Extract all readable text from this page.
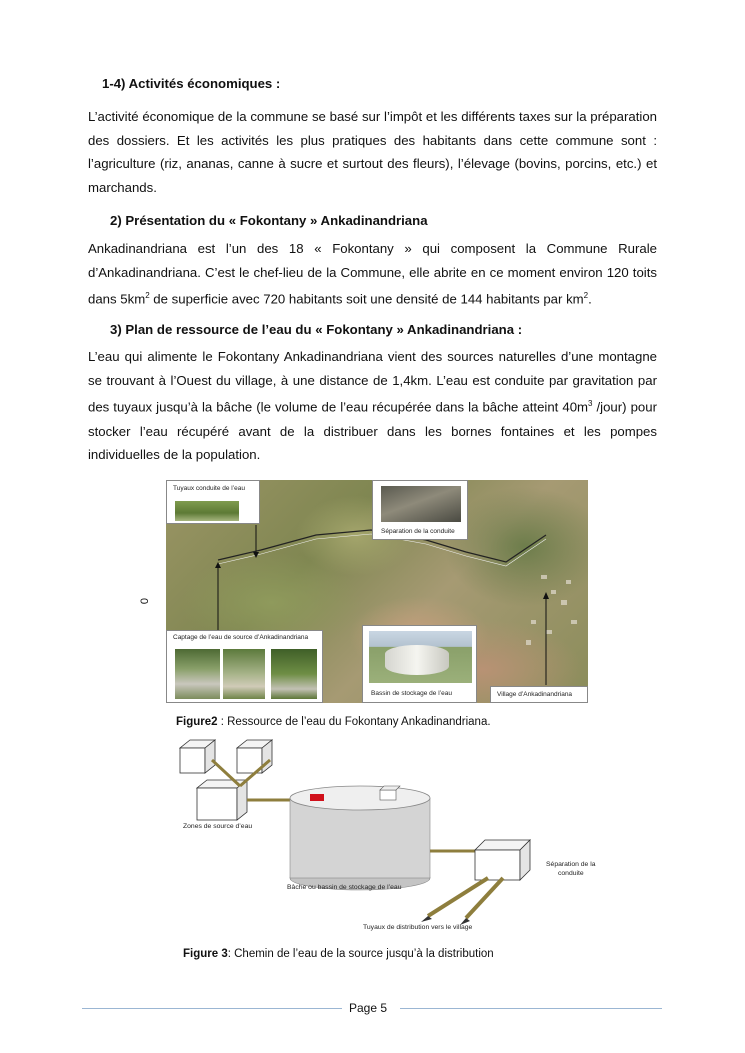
1-4) Activités économiques :
L’activité économique de la commune se basé sur l’impôt et les différents taxes sur la préparation des dossiers. Et les activités les plus pratiques des habitants dans cette commune sont : l’agriculture (riz, ananas, canne à sucre et surtout des fleurs), l’élevage (bovins, porcins, etc.) et marchands.
2) Présentation du « Fokontany » Ankadinandriana
Ankadinandriana est l’un des 18 « Fokontany » qui composent la Commune Rurale d’Ankadinandriana. C’est le chef-lieu de la Commune, elle abrite en ce moment environ 120 toits dans $5km^2$ de superficie avec 720 habitants soit une densité de 144 habitants par $km^2$.
3) Plan de ressource de l’eau du « Fokontany » Ankadinandriana :
L’eau qui alimente le Fokontany Ankadinandriana vient des sources naturelles d’une montagne se trouvant à l’Ouest du village, à une distance de 1,4km. L’eau est conduite par gravitation par des tuyaux jusqu’à la bâche (le volume de l’eau récupérée dans la bâche atteint $40m^3$ /jour) pour stocker l’eau récupéré avant de la distribuer dans les bornes fontaines et les pompes individuelles de la population.
0
Tuyaux conduite de l’eau
Séparation de la conduite
Captage de l’eau de source d’Ankadinandriana
Bassin de stockage de l’eau	Village d’Ankadinandriana
Figure2 : Ressource de l’eau du Fokontany Ankadinandriana.
Zones de source d’eau
Bâche ou bassin de stockage de l’eau
Séparation de la
conduite
Tuyaux de distribution vers le village
Figure 3: Chemin de l’eau de la source jusqu’à la distribution
Page 5
